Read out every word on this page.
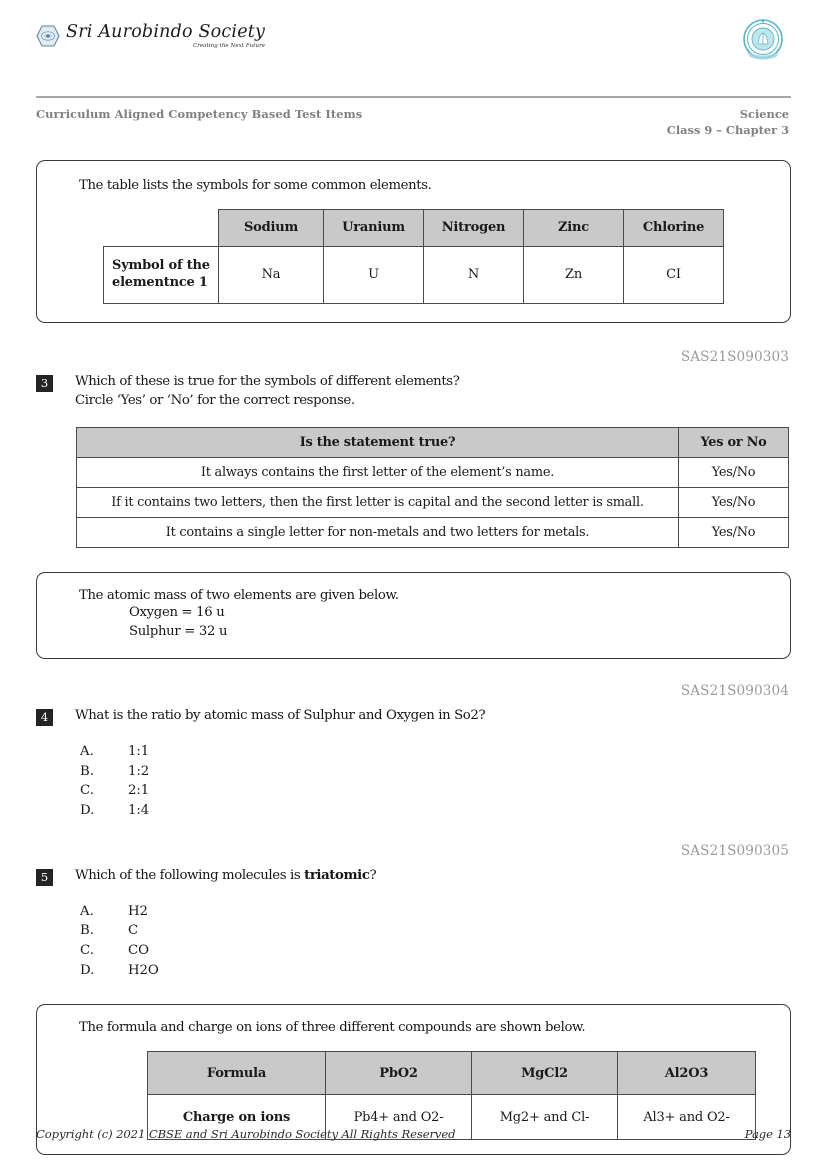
Sri Aurobindo Society
Creating the Next Future
Curriculum Aligned Competency Based Test Items	Science
Class 9 – Chapter 3
The table lists the symbols for some common elements.
	Sodium	Uranium	Nitrogen	Zinc	Chlorine
Symbol of the elementnce 1	Na	U	N	Zn	CI
SAS21S090303
3	Which of these is true for the symbols of different elements?
Circle ‘Yes’ or ‘No’ for the correct response.
Is the statement true?	Yes or No
It always contains the first letter of the element’s name.	Yes/No
If it contains two letters, then the first letter is capital and the second letter is small.	Yes/No
It contains a single letter for non-metals and two letters for metals.	Yes/No
The atomic mass of two elements are given below.
Oxygen = 16 u
Sulphur = 32 u
SAS21S090304
4	What is the ratio by atomic mass of Sulphur and Oxygen in So2?
A.	1:1
B.	1:2
C.	2:1
D.	1:4
SAS21S090305
5	Which of the following molecules is triatomic?
A.	H2
B.	C
C.	CO
D.	H2O
The formula and charge on ions of three different compounds are shown below.
Formula	PbO2	MgCl2	Al2O3
Charge on ions	Pb4+ and O2-	Mg2+ and Cl-	Al3+ and O2-
Copyright (c) 2021 CBSE and Sri Aurobindo Society All Rights Reserved	Page 13
